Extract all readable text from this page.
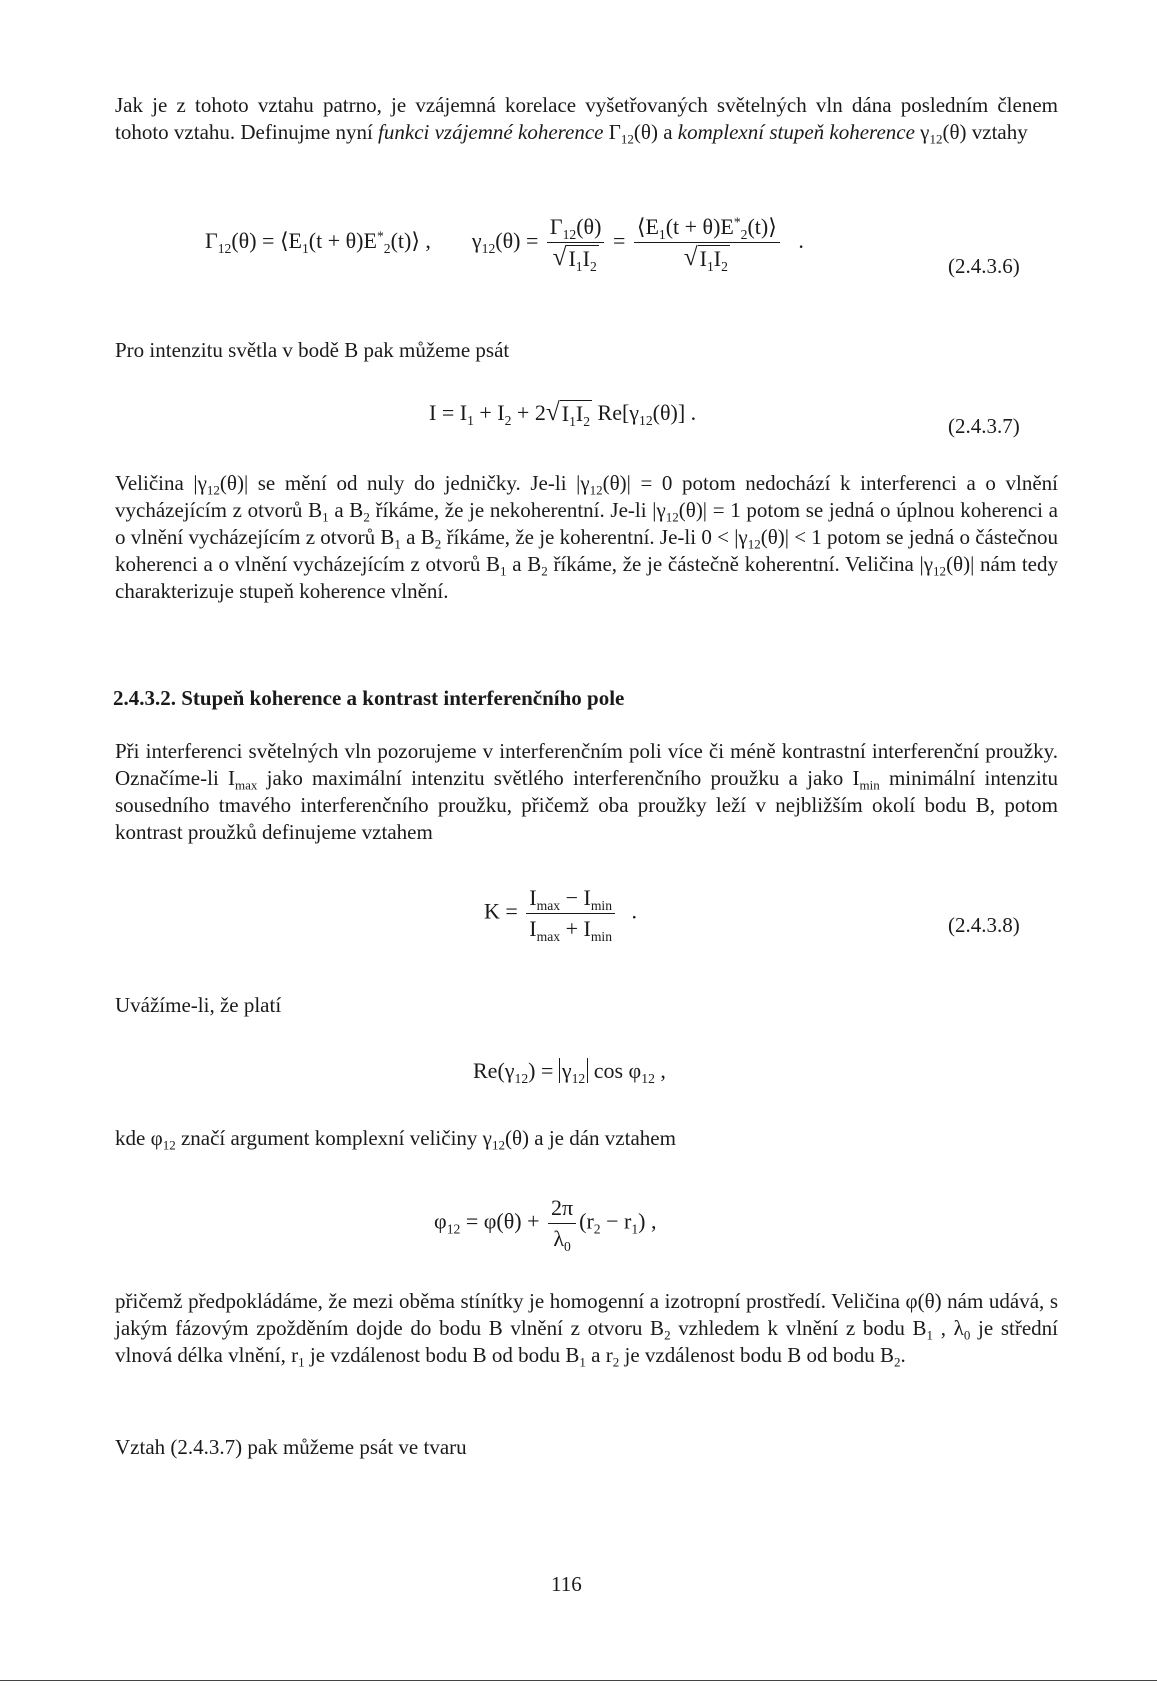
Jak je z tohoto vztahu patrno, je vzájemná korelace vyšetřovaných světelných vln dána posledním členem tohoto vztahu. Definujme nyní funkci vzájemné koherence $\Gamma_{12}(\theta)$ a komplexní stupeň koherence $\gamma_{12}(\theta)$ vztahy

$\Gamma_{12}(\theta)$ = $⟨E_1(t$ + $\theta)E^*_2(t)⟩$ , $\gamma_{12}(\theta) = \frac{\Gamma_{12}(\theta)}{√ I_1I_2} = \frac{⟨E_1(t + \theta)E^*_2(t)⟩}{√ I_1I_2}$ .
(2.4.3.6)

Pro intenzitu světla v bodě B pak můžeme psát

$I = I_1 + I_2 + 2$ √ $I_1I_2$ $Re[\gamma_{12}(\theta)]$ .
(2.4.3.7)

Veličina $|\gamma_{12}(\theta)|$ se mění od nuly do jedničky. Je-li $|\gamma_{12}(\theta)| = 0$ potom nedochází k interferenci a o vlnění vycházejícím z otvorů $B_1$ a $B_2$ říkáme, že je nekoherentní. Je-li $|\gamma_{12}(\theta)| = 1$ potom se jedná o úplnou koherenci a o vlnění vycházejícím z otvorů $B_1$ a $B_2$ říkáme, že je koherentní. Je-li $0 < |\gamma_{12}(\theta)| < 1$ potom se jedná o částečnou koherenci a o vlnění vycházejícím z otvorů $B_1$ a $B_2$ říkáme, že je částečně koherentní. Veličina $|\gamma_{12}(\theta)|$ nám tedy charakterizuje stupeň koherence vlnění.

2.4.3.2. Stupeň koherence a kontrast interferenčního pole

Při interferenci světelných vln pozorujeme v interferenčním poli více či méně kontrastní interferenční proužky. Označíme-li $I_{max}$ jako maximální intenzitu světlého interferenčního proužku a jako $I_{min}$ minimální intenzitu sousedního tmavého interferenčního proužku, přičemž oba proužky leží v nejbližším okolí bodu B, potom kontrast proužků definujeme vztahem

$K = \frac{I_{max} - I_{min}}{I_{max} + I_{min}}$ .
(2.4.3.8)

Uvážíme-li, že platí

$Re(\gamma_{12}) = \gamma_{12}$ $\cos \varphi_{12}$ ,

kde $\varphi_{12}$ značí argument komplexní veličiny $\gamma_{12}(\theta)$ a je dán vztahem

$\varphi_{12} = \varphi(\theta) + \frac{2\pi}{\lambda_0} (r_2 - r_1)$ ,

přičemž předpokládáme, že mezi oběma stínítky je homogenní a izotropní prostředí. Veličina φ(θ) nám udává, s jakým fázovým zpožděním dojde do bodu B vlnění z otvoru $B_2$ vzhledem k vlnění z bodu $B_1$ , $\lambda_0$ je střední vlnová délka vlnění, $r_1$ je vzdálenost bodu B od bodu $B_1$ a $r_2$ je vzdálenost bodu B od bodu $B_2$.

Vztah (2.4.3.7) pak můžeme psát ve tvaru

116
